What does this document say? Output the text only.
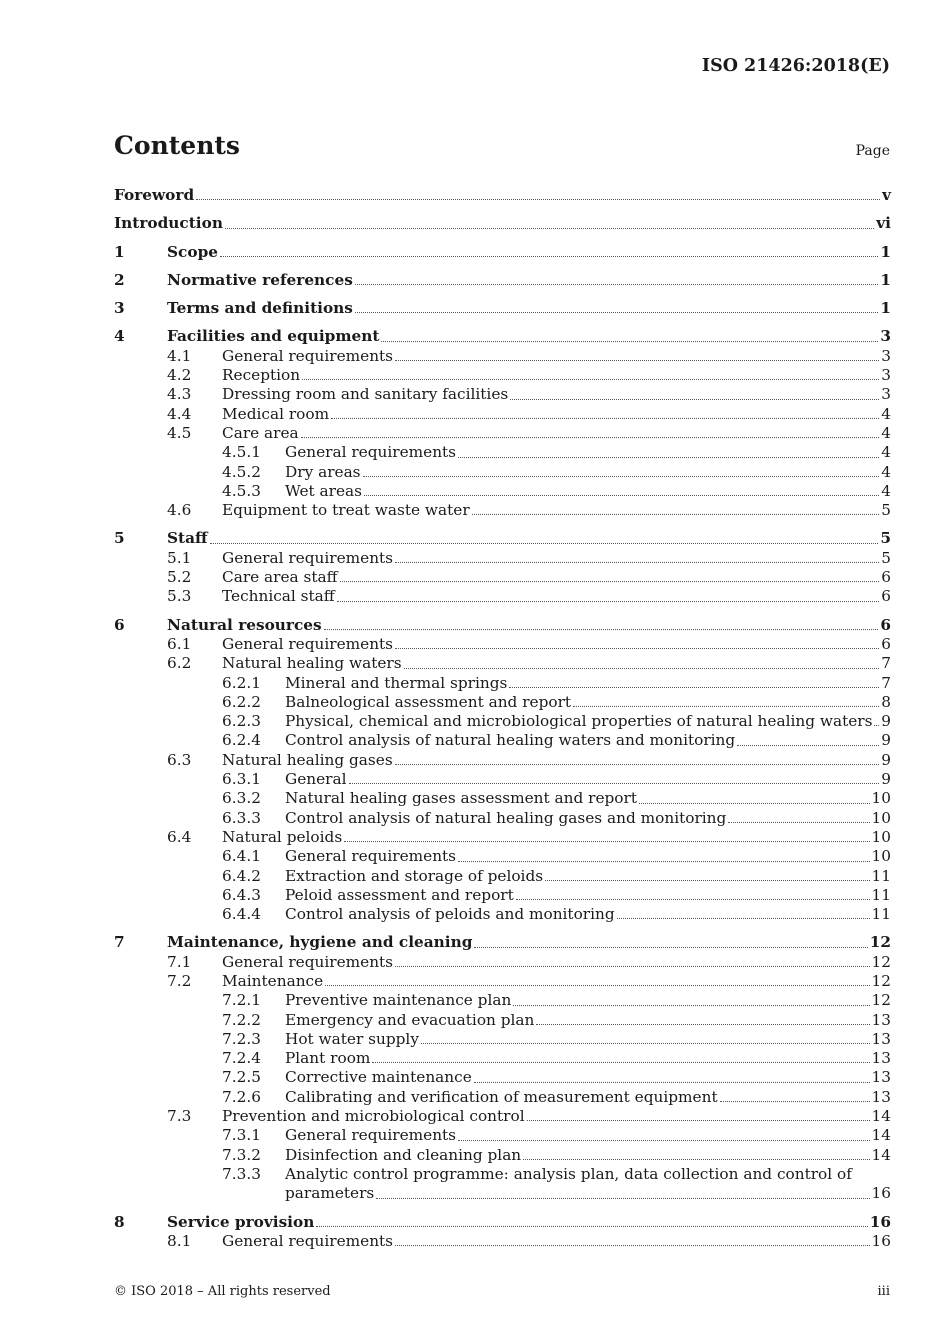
ISO 21426:2018(E)
Contents	Page
Foreword	v
Introduction	vi
1	Scope	1
2	Normative references	1
3	Terms and definitions	1
4	Facilities and equipment	3
4.1	General requirements	3
4.2	Reception	3
4.3	Dressing room and sanitary facilities	3
4.4	Medical room	4
4.5	Care area	4
4.5.1	General requirements	4
4.5.2	Dry areas	4
4.5.3	Wet areas	4
4.6	Equipment to treat waste water	5
5	Staff	5
5.1	General requirements	5
5.2	Care area staff	6
5.3	Technical staff	6
6	Natural resources	6
6.1	General requirements	6
6.2	Natural healing waters	7
6.2.1	Mineral and thermal springs	7
6.2.2	Balneological assessment and report	8
6.2.3	Physical, chemical and microbiological properties of natural healing waters 9
6.2.4	Control analysis of natural healing waters and monitoring	9
6.3	Natural healing gases	9
6.3.1	General	9
6.3.2	Natural healing gases assessment and report	10
6.3.3	Control analysis of natural healing gases and monitoring	10
6.4	Natural peloids	10
6.4.1	General requirements	10
6.4.2	Extraction and storage of peloids	11
6.4.3	Peloid assessment and report	11
6.4.4	Control analysis of peloids and monitoring	11
7	Maintenance, hygiene and cleaning	12
7.1	General requirements	12
7.2	Maintenance	12
7.2.1	Preventive maintenance plan	12
7.2.2	Emergency and evacuation plan	13
7.2.3	Hot water supply	13
7.2.4	Plant room	13
7.2.5	Corrective maintenance	13
7.2.6	Calibrating and verification of measurement equipment	13
7.3	Prevention and microbiological control	14
7.3.1	General requirements	14
7.3.2	Disinfection and cleaning plan	14
7.3.3	Analytic control programme: analysis plan, data collection and control of
parameters	16
8	Service provision	16
8.1	General requirements	16
© ISO 2018 – All rights reserved	iii
